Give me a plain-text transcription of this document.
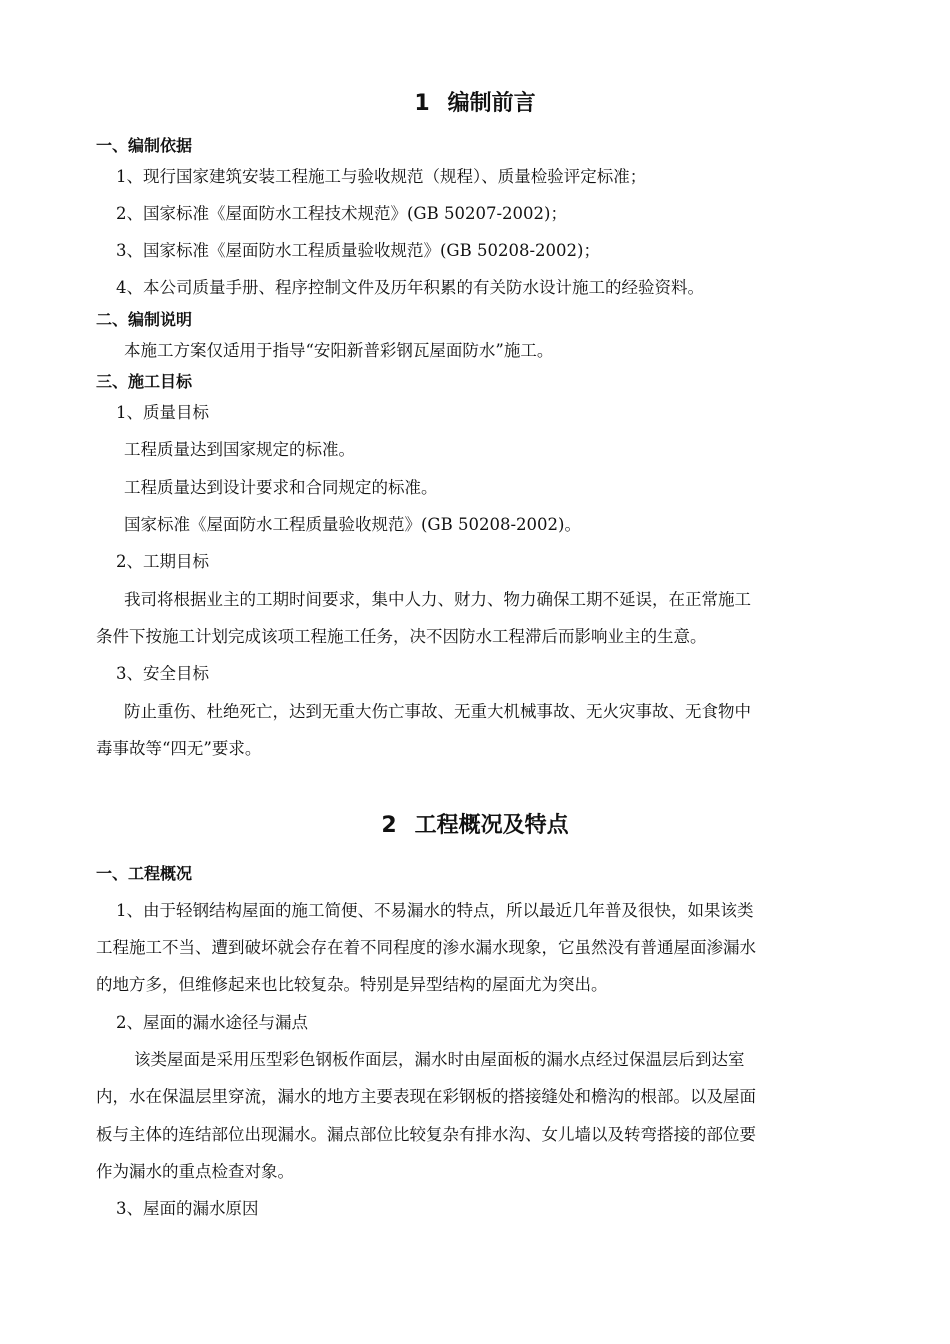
1 编制前言
一、编制依据
1、现行国家建筑安装工程施工与验收规范（规程）、质量检验评定标准；
2、国家标准《屋面防水工程技术规范》(GB 50207-2002)；
3、国家标准《屋面防水工程质量验收规范》(GB 50208-2002)；
4、本公司质量手册、程序控制文件及历年积累的有关防水设计施工的经验资料。
二、编制说明
本施工方案仅适用于指导“安阳新普彩钢瓦屋面防水”施工。
三、施工目标
1、质量目标
工程质量达到国家规定的标准。
工程质量达到设计要求和合同规定的标准。
国家标准《屋面防水工程质量验收规范》(GB 50208-2002)。
2、工期目标
我司将根据业主的工期时间要求，集中人力、财力、物力确保工期不延误，在正常施工
条件下按施工计划完成该项工程施工任务，决不因防水工程滞后而影响业主的生意。
3、安全目标
防止重伤、杜绝死亡，达到无重大伤亡事故、无重大机械事故、无火灾事故、无食物中
毒事故等“四无”要求。
2 工程概况及特点
一、工程概况
1、由于轻钢结构屋面的施工简便、不易漏水的特点，所以最近几年普及很快，如果该类
工程施工不当、遭到破坏就会存在着不同程度的渗水漏水现象，它虽然没有普通屋面渗漏水
的地方多，但维修起来也比较复杂。特别是异型结构的屋面尤为突出。
2、屋面的漏水途径与漏点
该类屋面是采用压型彩色钢板作面层，漏水时由屋面板的漏水点经过保温层后到达室
内，水在保温层里穿流，漏水的地方主要表现在彩钢板的搭接缝处和檐沟的根部。以及屋面
板与主体的连结部位出现漏水。漏点部位比较复杂有排水沟、女儿墙以及转弯搭接的部位要
作为漏水的重点检查对象。
3、屋面的漏水原因
